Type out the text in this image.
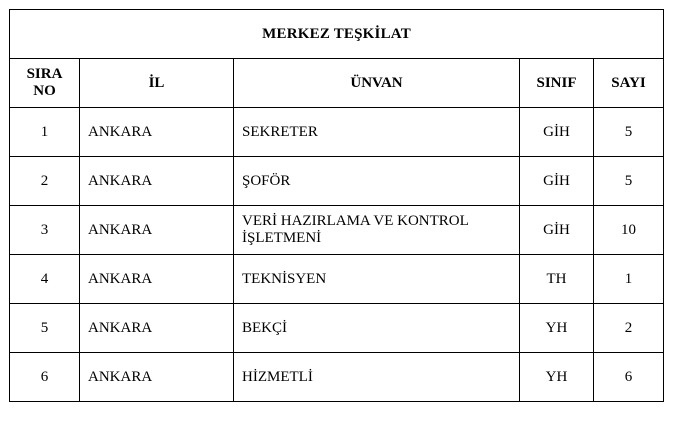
MERKEZ TEŞKİLAT				
SIRA
NO	İL	ÜNVAN	SINIF	SAYI
1	ANKARA	SEKRETER	GİH	5
2	ANKARA	ŞOFÖR	GİH	5
3	ANKARA	VERİ HAZIRLAMA VE KONTROL İŞLETMENİ	GİH	10
4	ANKARA	TEKNİSYEN	TH	1
5	ANKARA	BEKÇİ	YH	2
6	ANKARA	HİZMETLİ	YH	6
